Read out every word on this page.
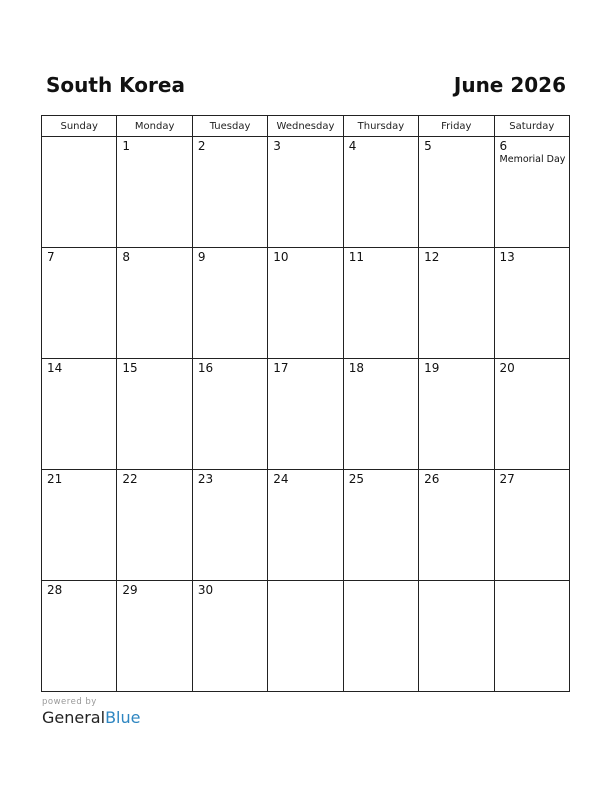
South Korea	June 2026
Sunday	Monday	Tuesday	Wednesday	Thursday	Friday	Saturday

	1	2	3	4	5	6
Memorial Day

7	8	9	10	11	12	13

14	15	16	17	18	19	20

21	22	23	24	25	26	27

28	29	30				

powered by
GeneralBlue
